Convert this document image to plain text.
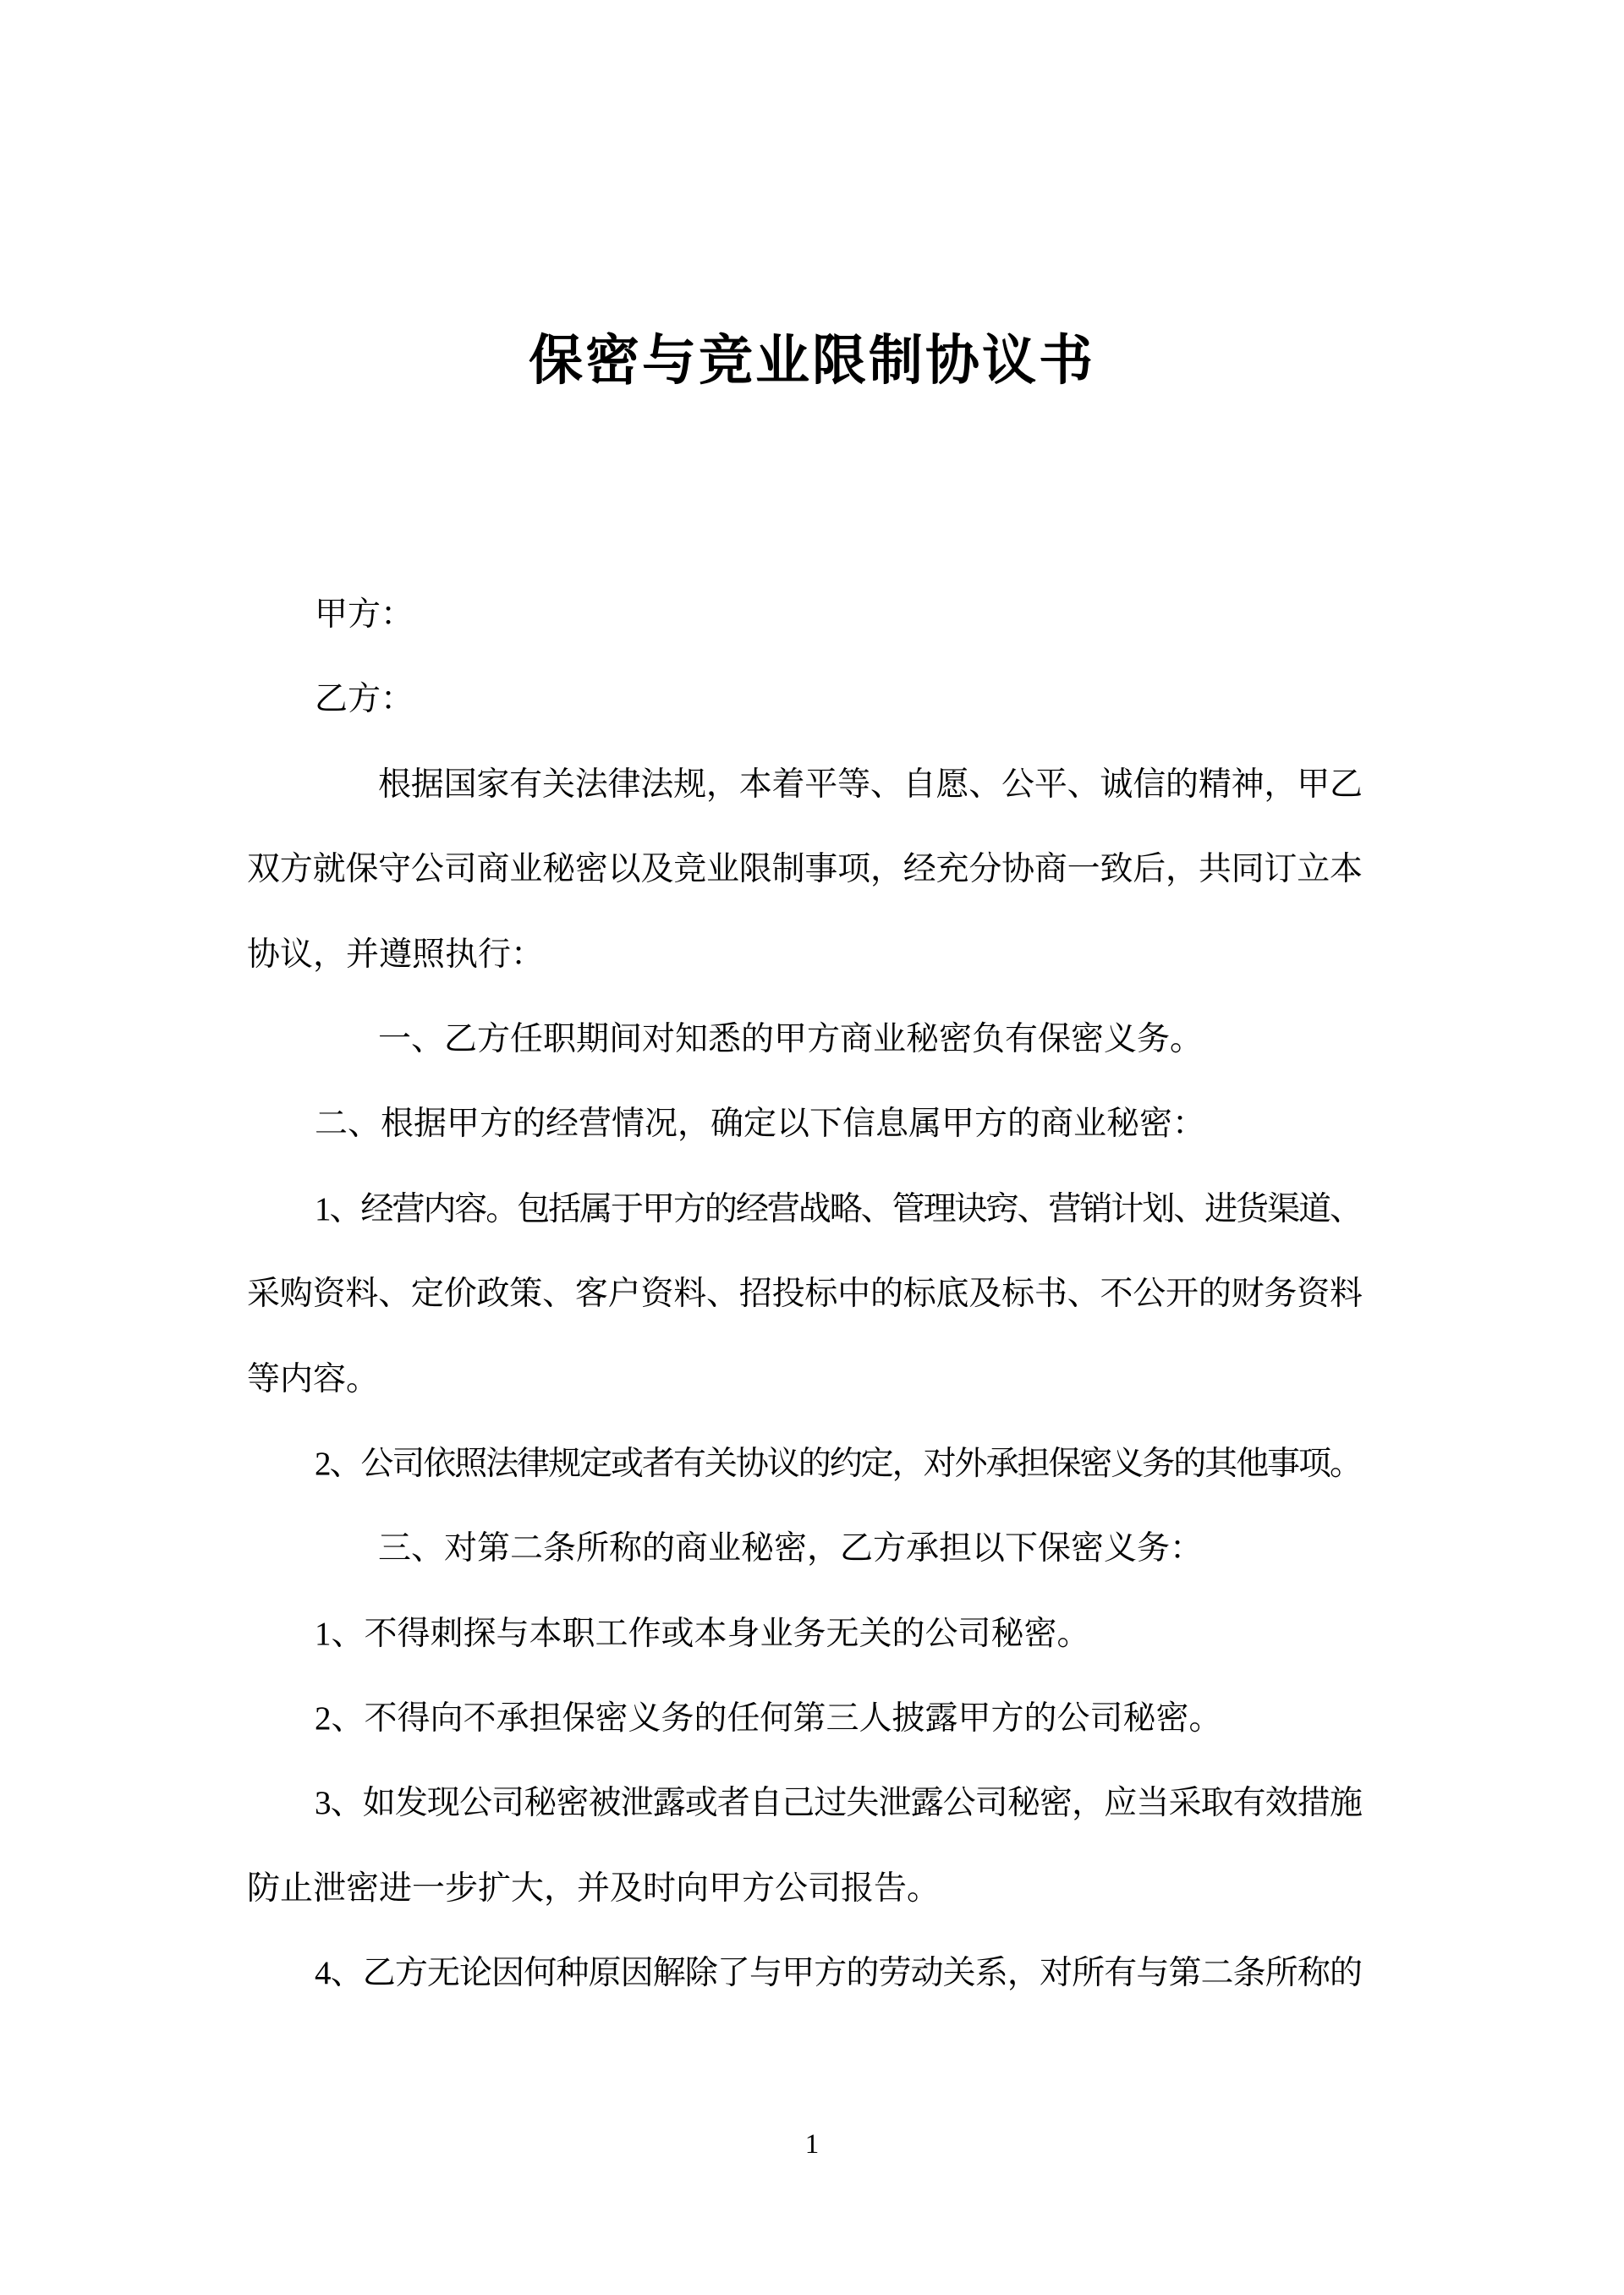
保密与竞业限制协议书
甲方：
乙方：
根据国家有关法律法规，本着平等、自愿、公平、诚信的精神，甲乙
双方就保守公司商业秘密以及竞业限制事项，经充分协商一致后，共同订立本
协议，并遵照执行：
一、乙方任职期间对知悉的甲方商业秘密负有保密义务。
二、根据甲方的经营情况，确定以下信息属甲方的商业秘密：
1、经营内容。包括属于甲方的经营战略、管理诀窍、营销计划、进货渠道、
采购资料、定价政策、客户资料、招投标中的标底及标书、不公开的财务资料
等内容。
2、公司依照法律规定或者有关协议的约定，对外承担保密义务的其他事项。
三、对第二条所称的商业秘密，乙方承担以下保密义务：
1、不得刺探与本职工作或本身业务无关的公司秘密。
2、不得向不承担保密义务的任何第三人披露甲方的公司秘密。
3、如发现公司秘密被泄露或者自己过失泄露公司秘密，应当采取有效措施
防止泄密进一步扩大，并及时向甲方公司报告。
4、乙方无论因何种原因解除了与甲方的劳动关系，对所有与第二条所称的
1
